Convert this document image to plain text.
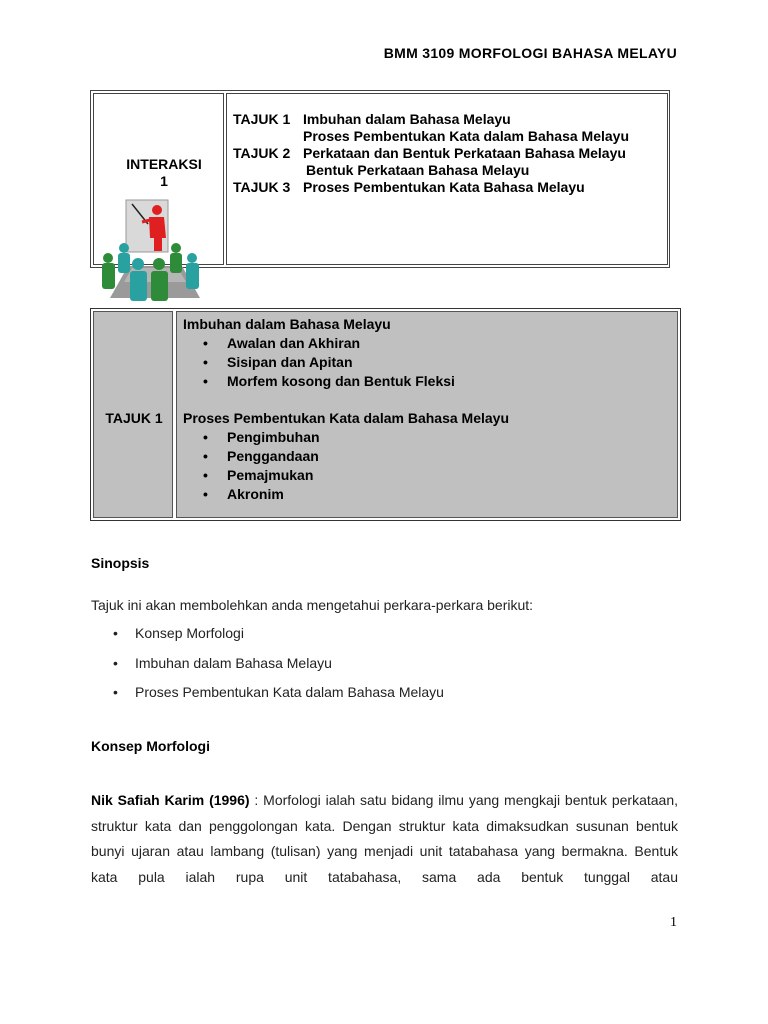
BMM 3109 MORFOLOGI BAHASA MELAYU
INTERAKSI
1
TAJUK 1 Imbuhan dalam Bahasa Melayu
Proses Pembentukan Kata dalam Bahasa Melayu
TAJUK 2 Perkataan dan Bentuk Perkataan Bahasa Melayu
Bentuk Perkataan Bahasa Melayu
TAJUK 3 Proses Pembentukan Kata Bahasa Melayu
TAJUK 1
Imbuhan dalam Bahasa Melayu
• Awalan dan Akhiran
• Sisipan dan Apitan
• Morfem kosong dan Bentuk Fleksi
Proses Pembentukan Kata dalam Bahasa Melayu
• Pengimbuhan
• Penggandaan
• Pemajmukan
• Akronim
Sinopsis
Tajuk ini akan membolehkan anda mengetahui perkara-perkara berikut:
• Konsep Morfologi
• Imbuhan dalam Bahasa Melayu
• Proses Pembentukan Kata dalam Bahasa Melayu
Konsep Morfologi
Nik Safiah Karim (1996) : Morfologi ialah satu bidang ilmu yang mengkaji bentuk perkataan, struktur kata dan penggolongan kata. Dengan struktur kata dimaksudkan susunan bentuk bunyi ujaran atau lambang (tulisan) yang menjadi unit tatabahasa yang bermakna. Bentuk kata pula ialah rupa unit tatabahasa, sama ada bentuk tunggal atau
1
